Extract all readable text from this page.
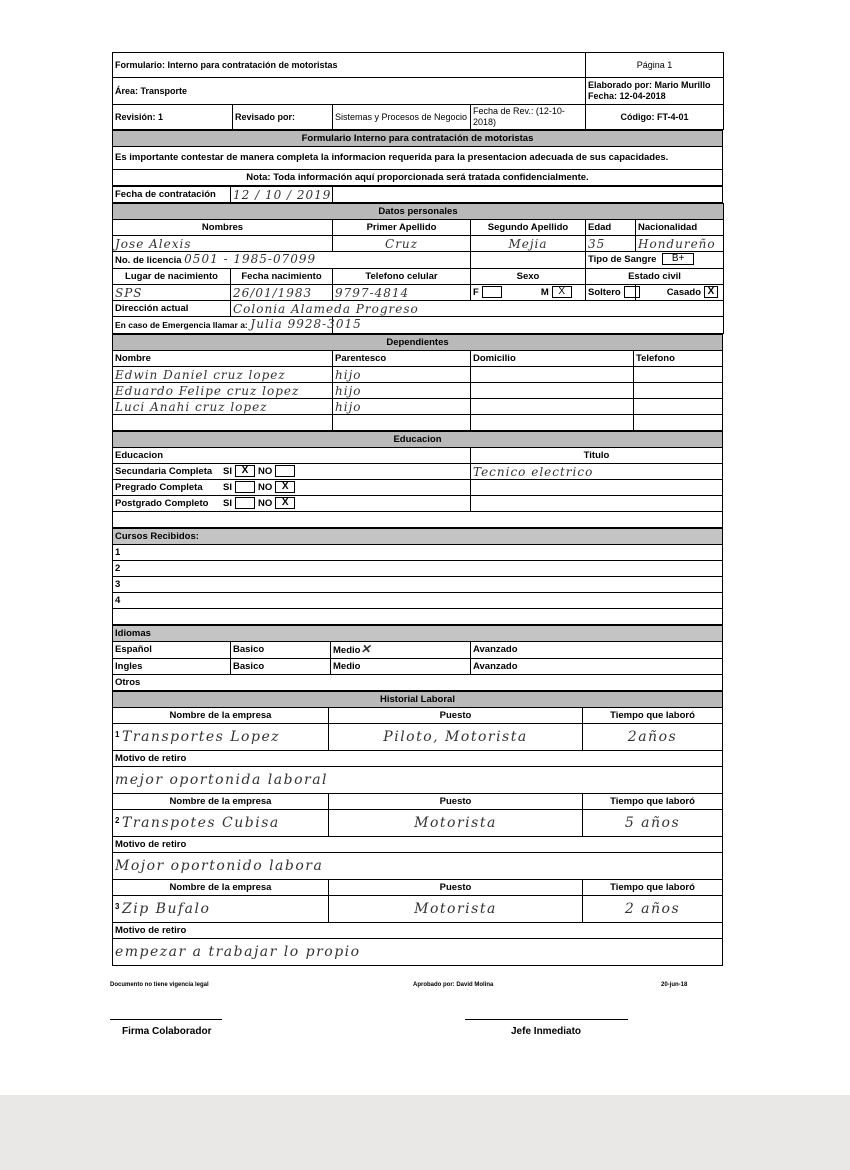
Formulario: Interno para contratación de motoristas				Página 1
Área: Transporte				Elaborado por: Mario Murillo
Fecha: 12-04-2018

Revisión: 1	Revisado por:	Sistemas y Procesos de Negocio	Fecha de Rev.: (12-10-2018)	Código: FT-4-01
Formulario Interno para contratación de motoristas
Es importante contestar de manera completa la informacion requerida para la presentacion adecuada de sus capacidades.
Nota: Toda información aquí proporcionada será tratada confidencialmente.
Fecha de contratación	12 / 10 / 2019	
Datos personales					
Nombres		Primer Apellido	Segundo Apellido	Edad	Nacionalidad
Jose Alexis		Cruz	Mejia	35	Hondureño
No. de licencia 0501 - 1985-07099				Tipo de Sangre B+	
Lugar de nacimiento	Fecha nacimiento	Telefono celular	Sexo	Estado civil	
SPS	26/01/1983	9797-4814	F M X	Soltero	Casado X
Dirección actual	Colonia Alameda Progreso				
En caso de Emergencia llamar a: Julia 9928-3015					
Dependientes			
Nombre	Parentesco	Domicilio	Telefono
Edwin Daniel cruz lopez	hijo		
Eduardo Felipe cruz lopez	hijo		
Luci Anahi cruz lopez	hijo		

Educacion	
Educacion	Titulo
Secundaria Completa SI X NO	Tecnico electrico
Pregrado Completa SI NO X	
Postgrado Completo SI NO X	

Cursos Recibidos:
1
2
3
4

Idiomas			
Español	Basico	Medio✕	Avanzado
Ingles	Basico	Medio	Avanzado
Otros			
Historial Laboral		
Nombre de la empresa	Puesto	Tiempo que laboró
$^1$ Transportes Lopez	Piloto, Motorista	2años
Motivo de retiro		
mejor oportonida laboral		
Nombre de la empresa	Puesto	Tiempo que laboró
$^2$ Transpotes Cubisa	Motorista	5 años
Motivo de retiro		
Mojor oportonido labora		
Nombre de la empresa	Puesto	Tiempo que laboró
$^3$ Zip Bufalo	Motorista	2 años
Motivo de retiro		
empezar a trabajar lo propio		
Documento no tiene vigencia legal	Aprobado por: David Molina	20-jun-18
Firma Colaborador	Jefe Inmediato
